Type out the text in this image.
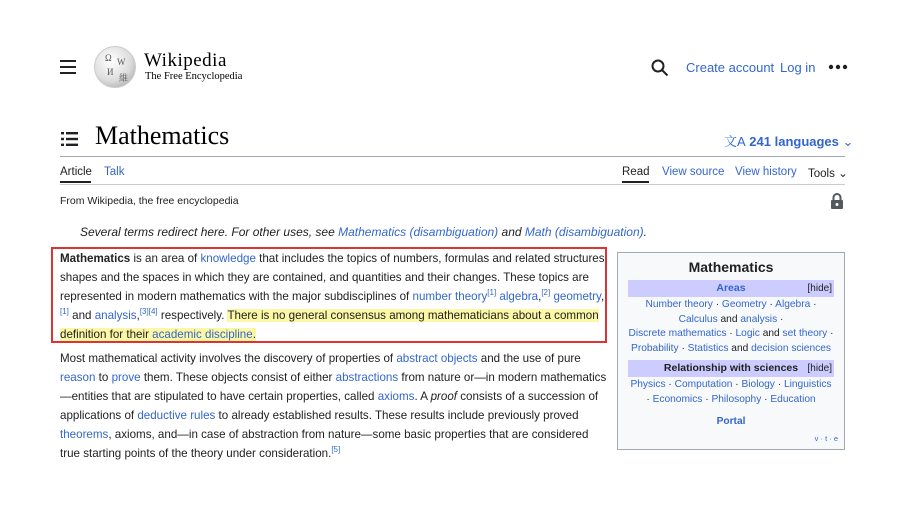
Ω W
И
維
Wikipedia
The Free Encyclopedia
Create account Log in
Mathematics	文A 241 languages ⌄
Article Talk	Read View source View history Tools ⌄
From Wikipedia, the free encyclopedia
Several terms redirect here. For other uses, see Mathematics (disambiguation) and Math (disambiguation).
Mathematics is an area of knowledge that includes the topics of numbers, formulas and related structures, shapes and the spaces in which they are contained, and quantities and their changes. These topics are represented in modern mathematics with the major subdisciplines of number theory[1] algebra,[2] geometry,[1] and analysis,[3][4] respectively. There is no general consensus among mathematicians about a common definition for their academic discipline.
Most mathematical activity involves the discovery of properties of abstract objects and the use of pure reason to prove them. These objects consist of either abstractions from nature or—in modern mathematics—entities that are stipulated to have certain properties, called axioms. A proof consists of a succession of applications of deductive rules to already established results. These results include previously proved theorems, axioms, and—in case of abstraction from nature—some basic properties that are considered true starting points of the theory under consideration.[5]
Mathematics
Areas	[hide]
Number theory · Geometry · Algebra ·
Calculus and analysis ·
Discrete mathematics · Logic and set theory ·
Probability · Statistics and decision sciences
Relationship with sciences [hide]
Physics · Computation · Biology · Linguistics
· Economics · Philosophy · Education
Portal
v · t · e
